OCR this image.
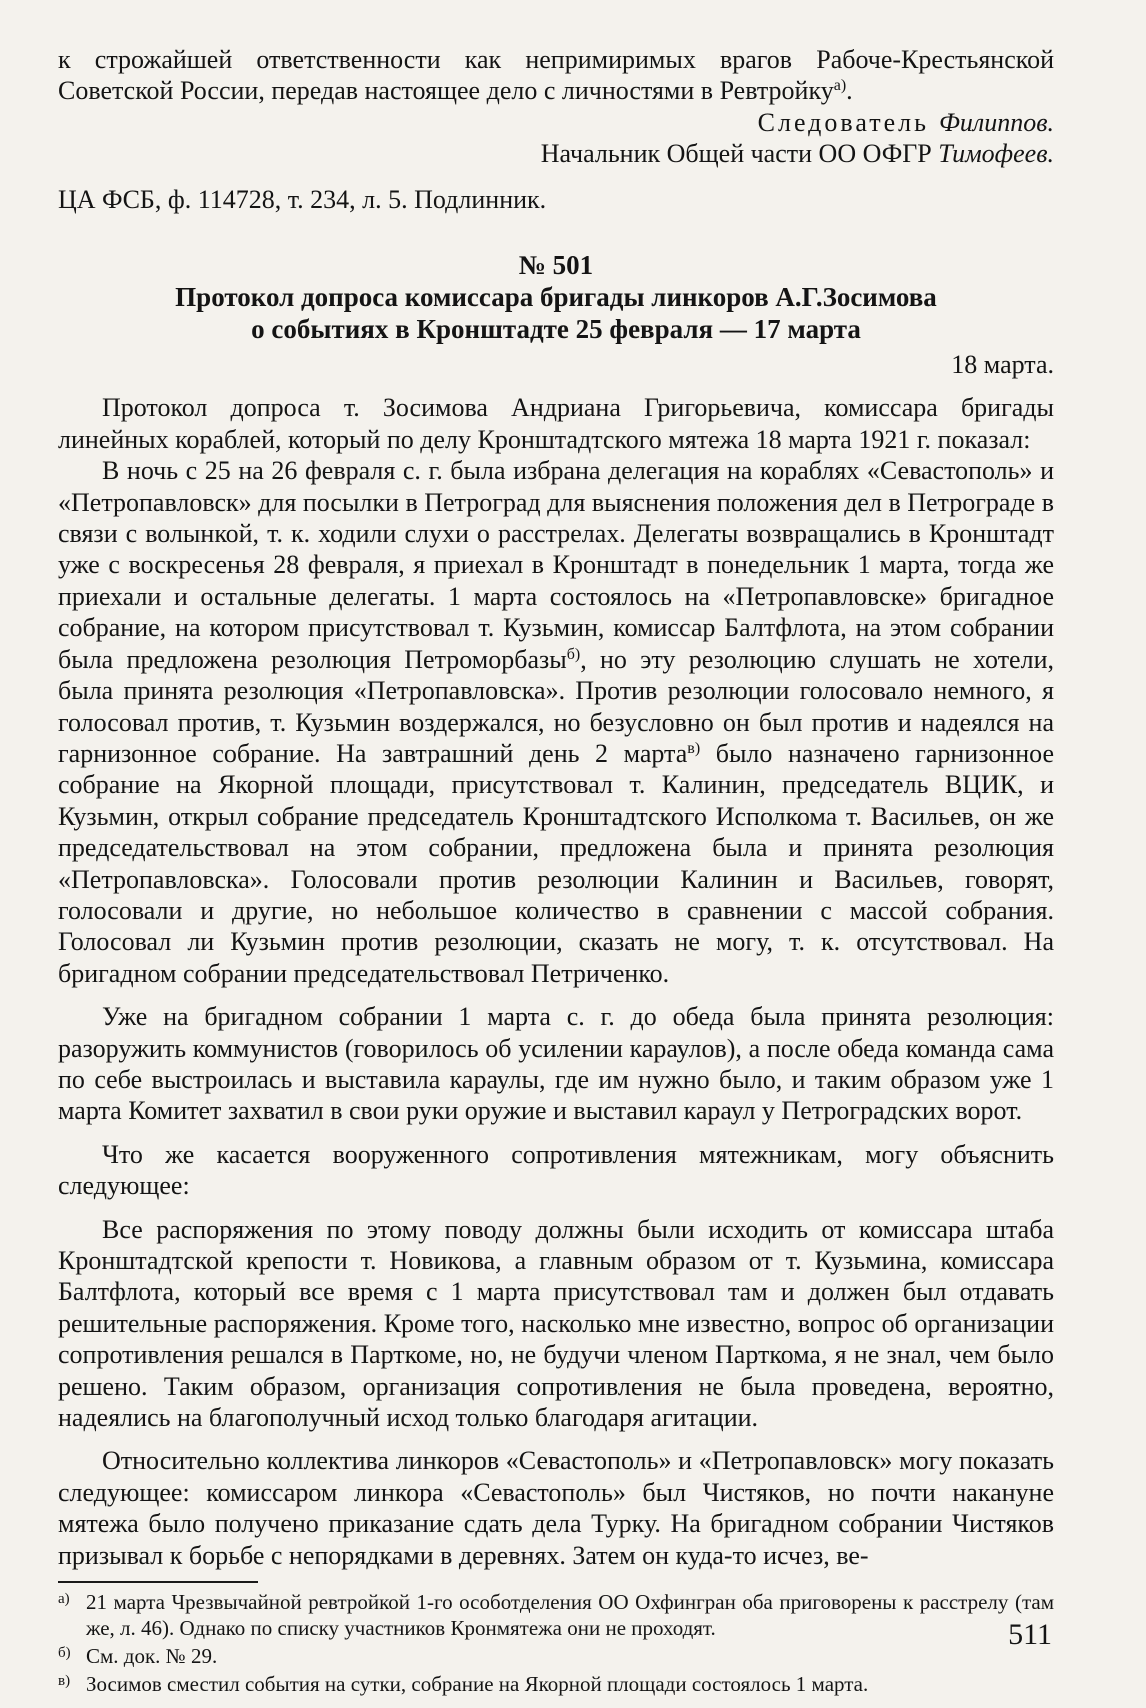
к строжайшей ответственности как непримиримых врагов Рабоче-Крестьянской Советской России, передав настоящее дело с личностями в Ревтройку$^{а)}$.

Следователь Филиппов.
Начальник Общей части ОО ОФГР Тимофеев.

ЦА ФСБ, ф. 114728, т. 234, л. 5. Подлинник.

№ 501
Протокол допроса комиссара бригады линкоров А.Г.Зосимова
о событиях в Кронштадте 25 февраля — 17 марта
18 марта.

Протокол допроса т. Зосимова Андриана Григорьевича, комиссара бригады линейных кораблей, который по делу Кронштадтского мятежа 18 марта 1921 г. показал:

В ночь с 25 на 26 февраля с. г. была избрана делегация на кораблях «Севастополь» и «Петропавловск» для посылки в Петроград для выяснения положения дел в Петрограде в связи с волынкой, т. к. ходили слухи о расстрелах. Делегаты возвращались в Кронштадт уже с воскресенья 28 февраля, я приехал в Кронштадт в понедельник 1 марта, тогда же приехали и остальные делегаты. 1 марта состоялось на «Петропавловске» бригадное собрание, на котором присутствовал т. Кузьмин, комиссар Балтфлота, на этом собрании была предложена резолюция Петроморбазы$^{б)}$, но эту резолюцию слушать не хотели, была принята резолюция «Петропавловска». Против резолюции голосовало немного, я голосовал против, т. Кузьмин воздержался, но безусловно он был против и надеялся на гарнизонное собрание. На завтрашний день 2 марта$^{в)}$ было назначено гарнизонное собрание на Якорной площади, присутствовал т. Калинин, председатель ВЦИК, и Кузьмин, открыл собрание председатель Кронштадтского Исполкома т. Васильев, он же председательствовал на этом собрании, предложена была и принята резолюция «Петропавловска». Голосовали против резолюции Калинин и Васильев, говорят, голосовали и другие, но небольшое количество в сравнении с массой собрания. Голосовал ли Кузьмин против резолюции, сказать не могу, т. к. отсутствовал. На бригадном собрании председательствовал Петриченко.

Уже на бригадном собрании 1 марта с. г. до обеда была принята резолюция: разоружить коммунистов (говорилось об усилении караулов), а после обеда команда сама по себе выстроилась и выставила караулы, где им нужно было, и таким образом уже 1 марта Комитет захватил в свои руки оружие и выставил караул у Петроградских ворот.

Что же касается вооруженного сопротивления мятежникам, могу объяснить следующее:

Все распоряжения по этому поводу должны были исходить от комиссара штаба Кронштадтской крепости т. Новикова, а главным образом от т. Кузьмина, комиссара Балтфлота, который все время с 1 марта присутствовал там и должен был отдавать решительные распоряжения. Кроме того, насколько мне известно, вопрос об организации сопротивления решался в Парткоме, но, не будучи членом Парткома, я не знал, чем было решено. Таким образом, организация сопротивления не была проведена, вероятно, надеялись на благополучный исход только благодаря агитации.

Относительно коллектива линкоров «Севастополь» и «Петропавловск» могу показать следующее: комиссаром линкора «Севастополь» был Чистяков, но почти накануне мятежа было получено приказание сдать дела Турку. На бригадном собрании Чистяков призывал к борьбе с непорядками в деревнях. Затем он куда-то исчез, ве-

а) 21 марта Чрезвычайной ревтройкой 1-го особотделения ОО Охфингран оба приговорены к расстрелу (там же, л. 46). Однако по списку участников Кронмятежа они не проходят.

б) См. док. № 29.

в) Зосимов сместил события на сутки, собрание на Якорной площади состоялось 1 марта.

511
